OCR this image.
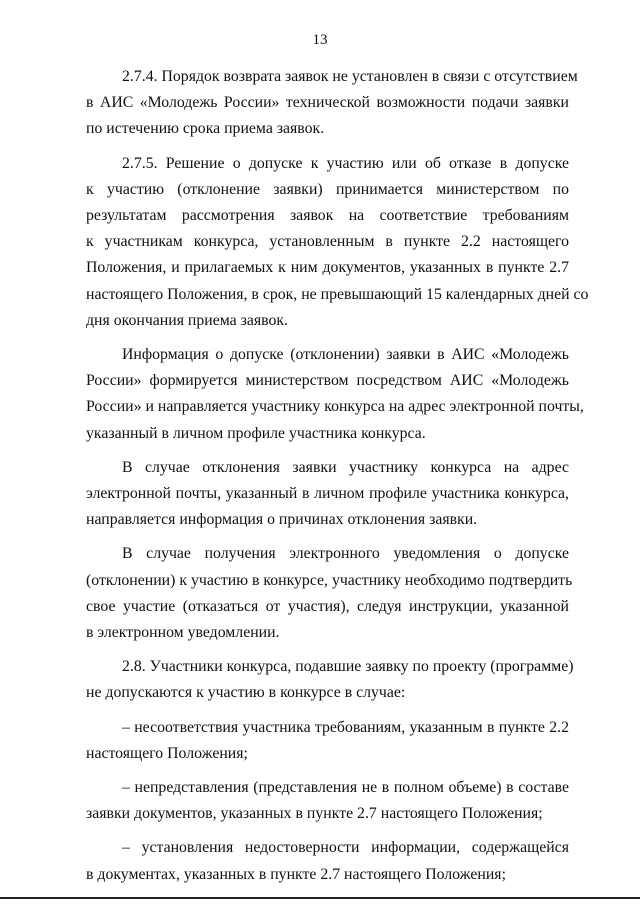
13

2.7.4. Порядок возврата заявок не установлен в связи с отсутствием
в АИС «Молодежь России» технической возможности подачи заявки
по истечению срока приема заявок.

2.7.5. Решение о допуске к участию или об отказе в допуске
к участию (отклонение заявки) принимается министерством по
результатам рассмотрения заявок на соответствие требованиям
к участникам конкурса, установленным в пункте 2.2 настоящего
Положения, и прилагаемых к ним документов, указанных в пункте 2.7
настоящего Положения, в срок, не превышающий 15 календарных дней со
дня окончания приема заявок.

Информация о допуске (отклонении) заявки в АИС «Молодежь
России» формируется министерством посредством АИС «Молодежь
России» и направляется участнику конкурса на адрес электронной почты,
указанный в личном профиле участника конкурса.

В случае отклонения заявки участнику конкурса на адрес
электронной почты, указанный в личном профиле участника конкурса,
направляется информация о причинах отклонения заявки.

В случае получения электронного уведомления о допуске
(отклонении) к участию в конкурсе, участнику необходимо подтвердить
свое участие (отказаться от участия), следуя инструкции, указанной
в электронном уведомлении.

2.8. Участники конкурса, подавшие заявку по проекту (программе)
не допускаются к участию в конкурсе в случае:

– несоответствия участника требованиям, указанным в пункте 2.2
настоящего Положения;

– непредставления (представления не в полном объеме) в составе
заявки документов, указанных в пункте 2.7 настоящего Положения;

– установления недостоверности информации, содержащейся
в документах, указанных в пункте 2.7 настоящего Положения;
